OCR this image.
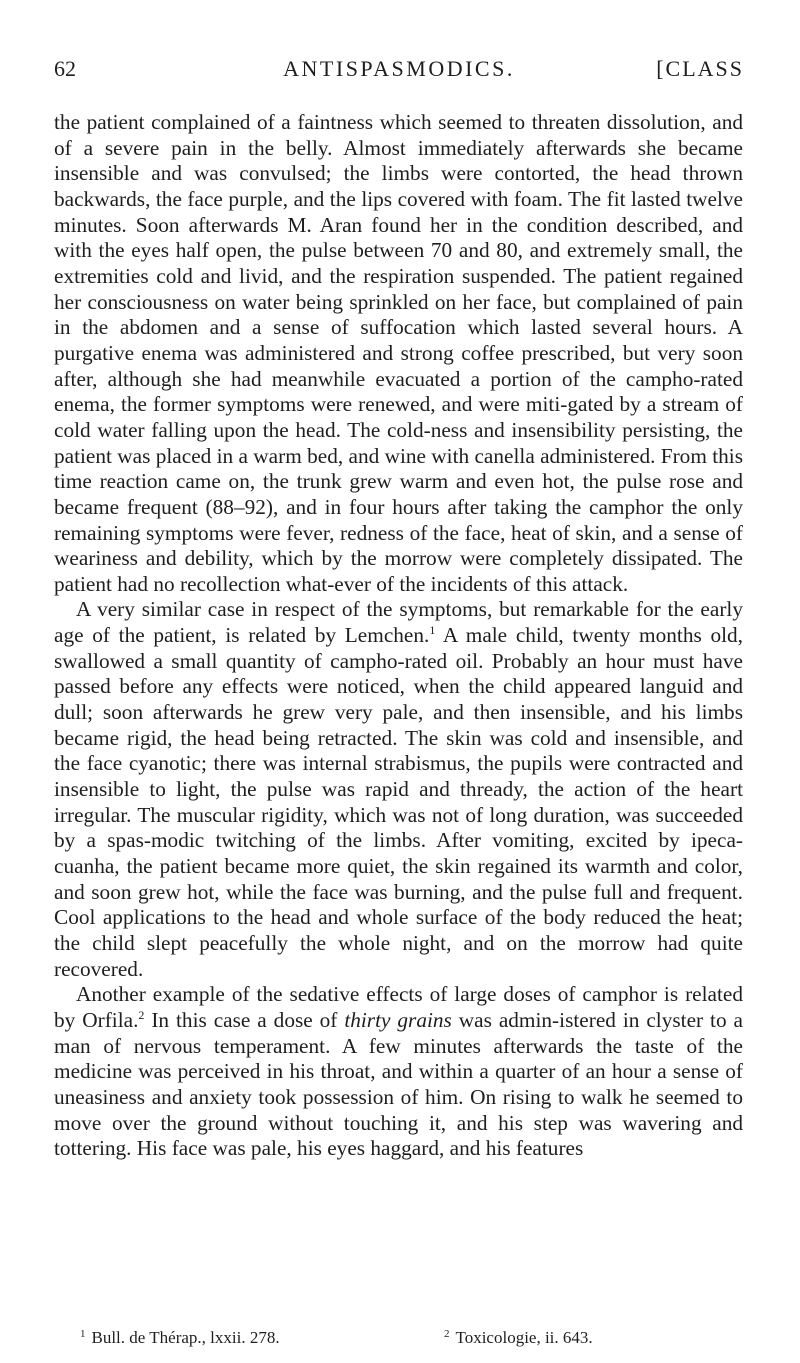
62	ANTISPASMODICS.	[CLASS

the patient complained of a faintness which seemed to threaten dissolution, and of a severe pain in the belly. Almost immediately afterwards she became insensible and was convulsed; the limbs were contorted, the head thrown backwards, the face purple, and the lips covered with foam. The fit lasted twelve minutes. Soon afterwards M. Aran found her in the condition described, and with the eyes half open, the pulse between 70 and 80, and extremely small, the extremities cold and livid, and the respiration suspended. The patient regained her consciousness on water being sprinkled on her face, but complained of pain in the abdomen and a sense of suffocation which lasted several hours. A purgative enema was administered and strong coffee prescribed, but very soon after, although she had meanwhile evacuated a portion of the campho-rated enema, the former symptoms were renewed, and were miti-gated by a stream of cold water falling upon the head. The cold-ness and insensibility persisting, the patient was placed in a warm bed, and wine with canella administered. From this time reaction came on, the trunk grew warm and even hot, the pulse rose and became frequent (88–92), and in four hours after taking the camphor the only remaining symptoms were fever, redness of the face, heat of skin, and a sense of weariness and debility, which by the morrow were completely dissipated. The patient had no recollection what-ever of the incidents of this attack.

A very similar case in respect of the symptoms, but remarkable for the early age of the patient, is related by Lemchen.$^1$ A male child, twenty months old, swallowed a small quantity of campho-rated oil. Probably an hour must have passed before any effects were noticed, when the child appeared languid and dull; soon afterwards he grew very pale, and then insensible, and his limbs became rigid, the head being retracted. The skin was cold and insensible, and the face cyanotic; there was internal strabismus, the pupils were contracted and insensible to light, the pulse was rapid and thready, the action of the heart irregular. The muscular rigidity, which was not of long duration, was succeeded by a spas-modic twitching of the limbs. After vomiting, excited by ipeca-cuanha, the patient became more quiet, the skin regained its warmth and color, and soon grew hot, while the face was burning, and the pulse full and frequent. Cool applications to the head and whole surface of the body reduced the heat; the child slept peacefully the whole night, and on the morrow had quite recovered.

Another example of the sedative effects of large doses of camphor is related by Orfila.$^2$ In this case a dose of thirty grains was admin-istered in clyster to a man of nervous temperament. A few minutes afterwards the taste of the medicine was perceived in his throat, and within a quarter of an hour a sense of uneasiness and anxiety took possession of him. On rising to walk he seemed to move over the ground without touching it, and his step was wavering and tottering. His face was pale, his eyes haggard, and his features

$^1$ Bull. de Thérap., lxxii. 278.	$^2$ Toxicologie, ii. 643.
